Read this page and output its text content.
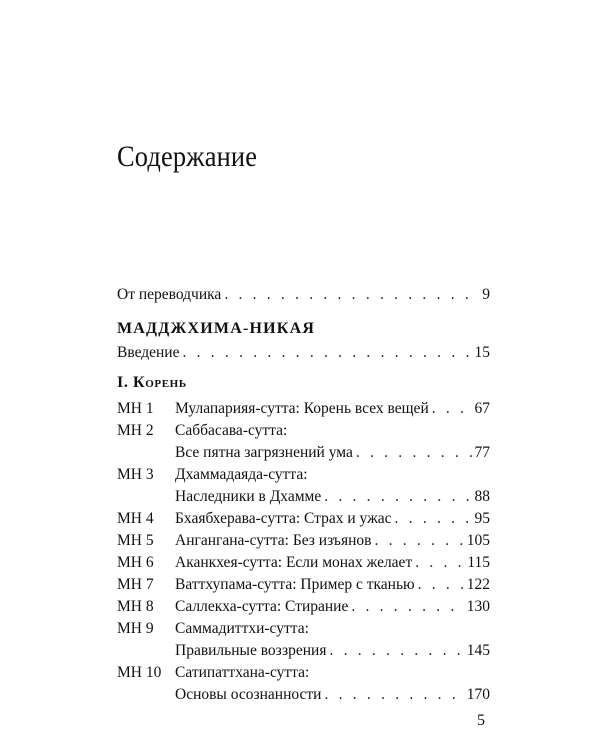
Содержание
От переводчика . . .	9
МАДДЖХИМА-НИКАЯ
Введение . . .	15
I. Корень
МН 1 Мулапарияя-сутта: Корень всех вещей . . .	67
МН 2 Саббасава-сутта:
Все пятна загрязнений ума . . .	77
МН 3 Дхаммадаяда-сутта:
Наследники в Дхамме . . .	88
МН 4 Бхаябхерава-сутта: Страх и ужас . . .	95
МН 5 Ангангана-сутта: Без изъянов . . .	105
МН 6 Аканкхея-сутта: Если монах желает . . .	115
МН 7 Ваттхупама-сутта: Пример с тканью . . .	122
МН 8 Саллекха-сутта: Стирание . . .	130
МН 9 Саммадиттхи-сутта:
Правильные воззрения . . .	145
МН 10 Сатипаттхана-сутта:
Основы осознанности . . .	170
5
